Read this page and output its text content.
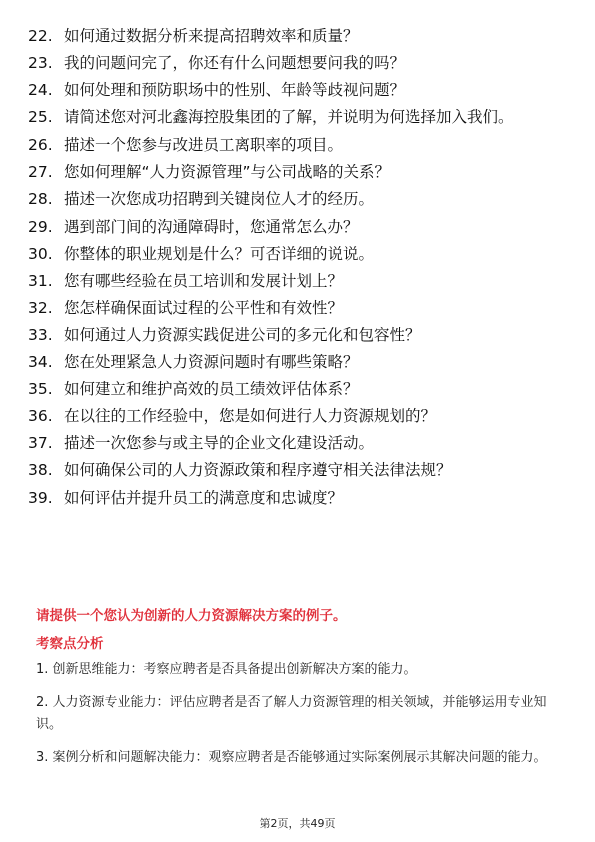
22. 如何通过数据分析来提高招聘效率和质量？
23. 我的问题问完了，你还有什么问题想要问我的吗？
24. 如何处理和预防职场中的性别、年龄等歧视问题？
25. 请简述您对河北鑫海控股集团的了解，并说明为何选择加入我们。
26. 描述一个您参与改进员工离职率的项目。
27. 您如何理解“人力资源管理”与公司战略的关系？
28. 描述一次您成功招聘到关键岗位人才的经历。
29. 遇到部门间的沟通障碍时，您通常怎么办？
30. 你整体的职业规划是什么？可否详细的说说。
31. 您有哪些经验在员工培训和发展计划上？
32. 您怎样确保面试过程的公平性和有效性？
33. 如何通过人力资源实践促进公司的多元化和包容性？
34. 您在处理紧急人力资源问题时有哪些策略？
35. 如何建立和维护高效的员工绩效评估体系？
36. 在以往的工作经验中，您是如何进行人力资源规划的？
37. 描述一次您参与或主导的企业文化建设活动。
38. 如何确保公司的人力资源政策和程序遵守相关法律法规？
39. 如何评估并提升员工的满意度和忠诚度？
请提供一个您认为创新的人力资源解决方案的例子。
考察点分析
1. 创新思维能力：考察应聘者是否具备提出创新解决方案的能力。
2. 人力资源专业能力：评估应聘者是否了解人力资源管理的相关领域，并能够运用专业知识。
3. 案例分析和问题解决能力：观察应聘者是否能够通过实际案例展示其解决问题的能力。
第2页，共49页
